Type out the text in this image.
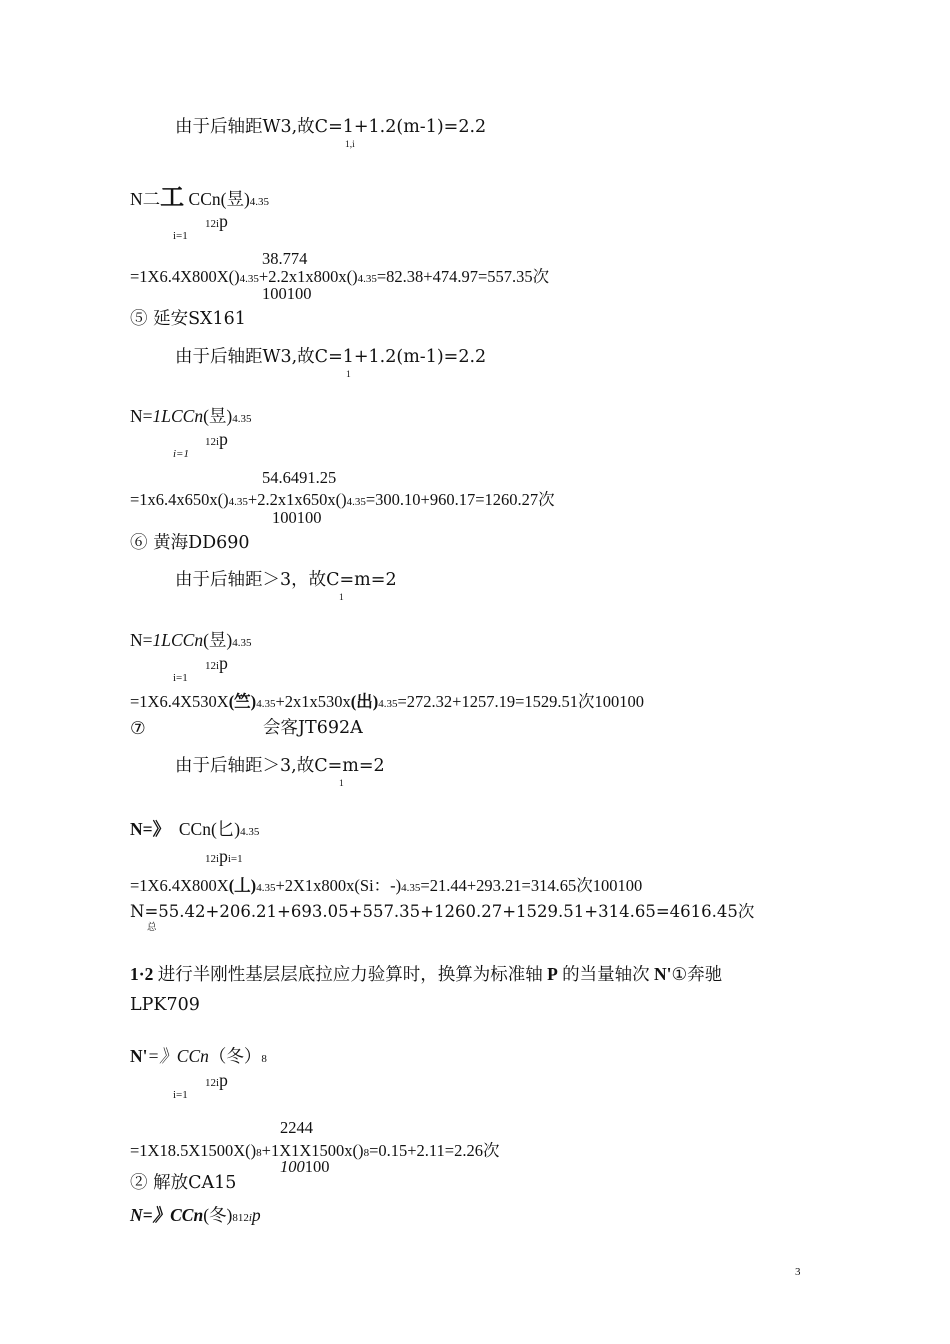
由于后轴距W3,故C=1+1.2(m-1)=2.2
1,i
N二工 CCn(昱)4.35
12ip
i=1
38.774
=1X6.4X800X()4.35+2.2x1x800x()4.35=82.38+474.97=557.35次
100100
⑤ 延安SX161
由于后轴距W3,故C=1+1.2(m-1)=2.2
1
N=1LCCn(昱)4.35
12ip
i=1
54.6491.25
=1x6.4x650x()4.35+2.2x1x650x()4.35=300.10+960.17=1260.27次
100100
⑥ 黄海DD690
由于后轴距＞3，故C=m=2
1
N=1LCCn(昱)4.35
12ip
i=1
=1X6.4X530X(竺)4.35+2x1x530x(出)4.35=272.32+1257.19=1529.51次100100
⑦	会客JT692A
由于后轴距＞3,故C=m=2
1
N=》 CCn(匕)4.35
12ipi=1
=1X6.4X800X(丄)4.35+2X1x800x(Si：-)4.35=21.44+293.21=314.65次100100
N=55.42+206.21+693.05+557.35+1260.27+1529.51+314.65=4616.45次
总
1·2 进行半刚性基层层底拉应力验算时，换算为标准轴 P 的当量轴次 N'①奔驰
LPK709
N'=》CCn（冬）8
12ip
i=1
2244
=1X18.5X1500X()8+1X1X1500x()8=0.15+2.11=2.26次
100100
② 解放CA15
N=》CCn(冬)812ip
3
